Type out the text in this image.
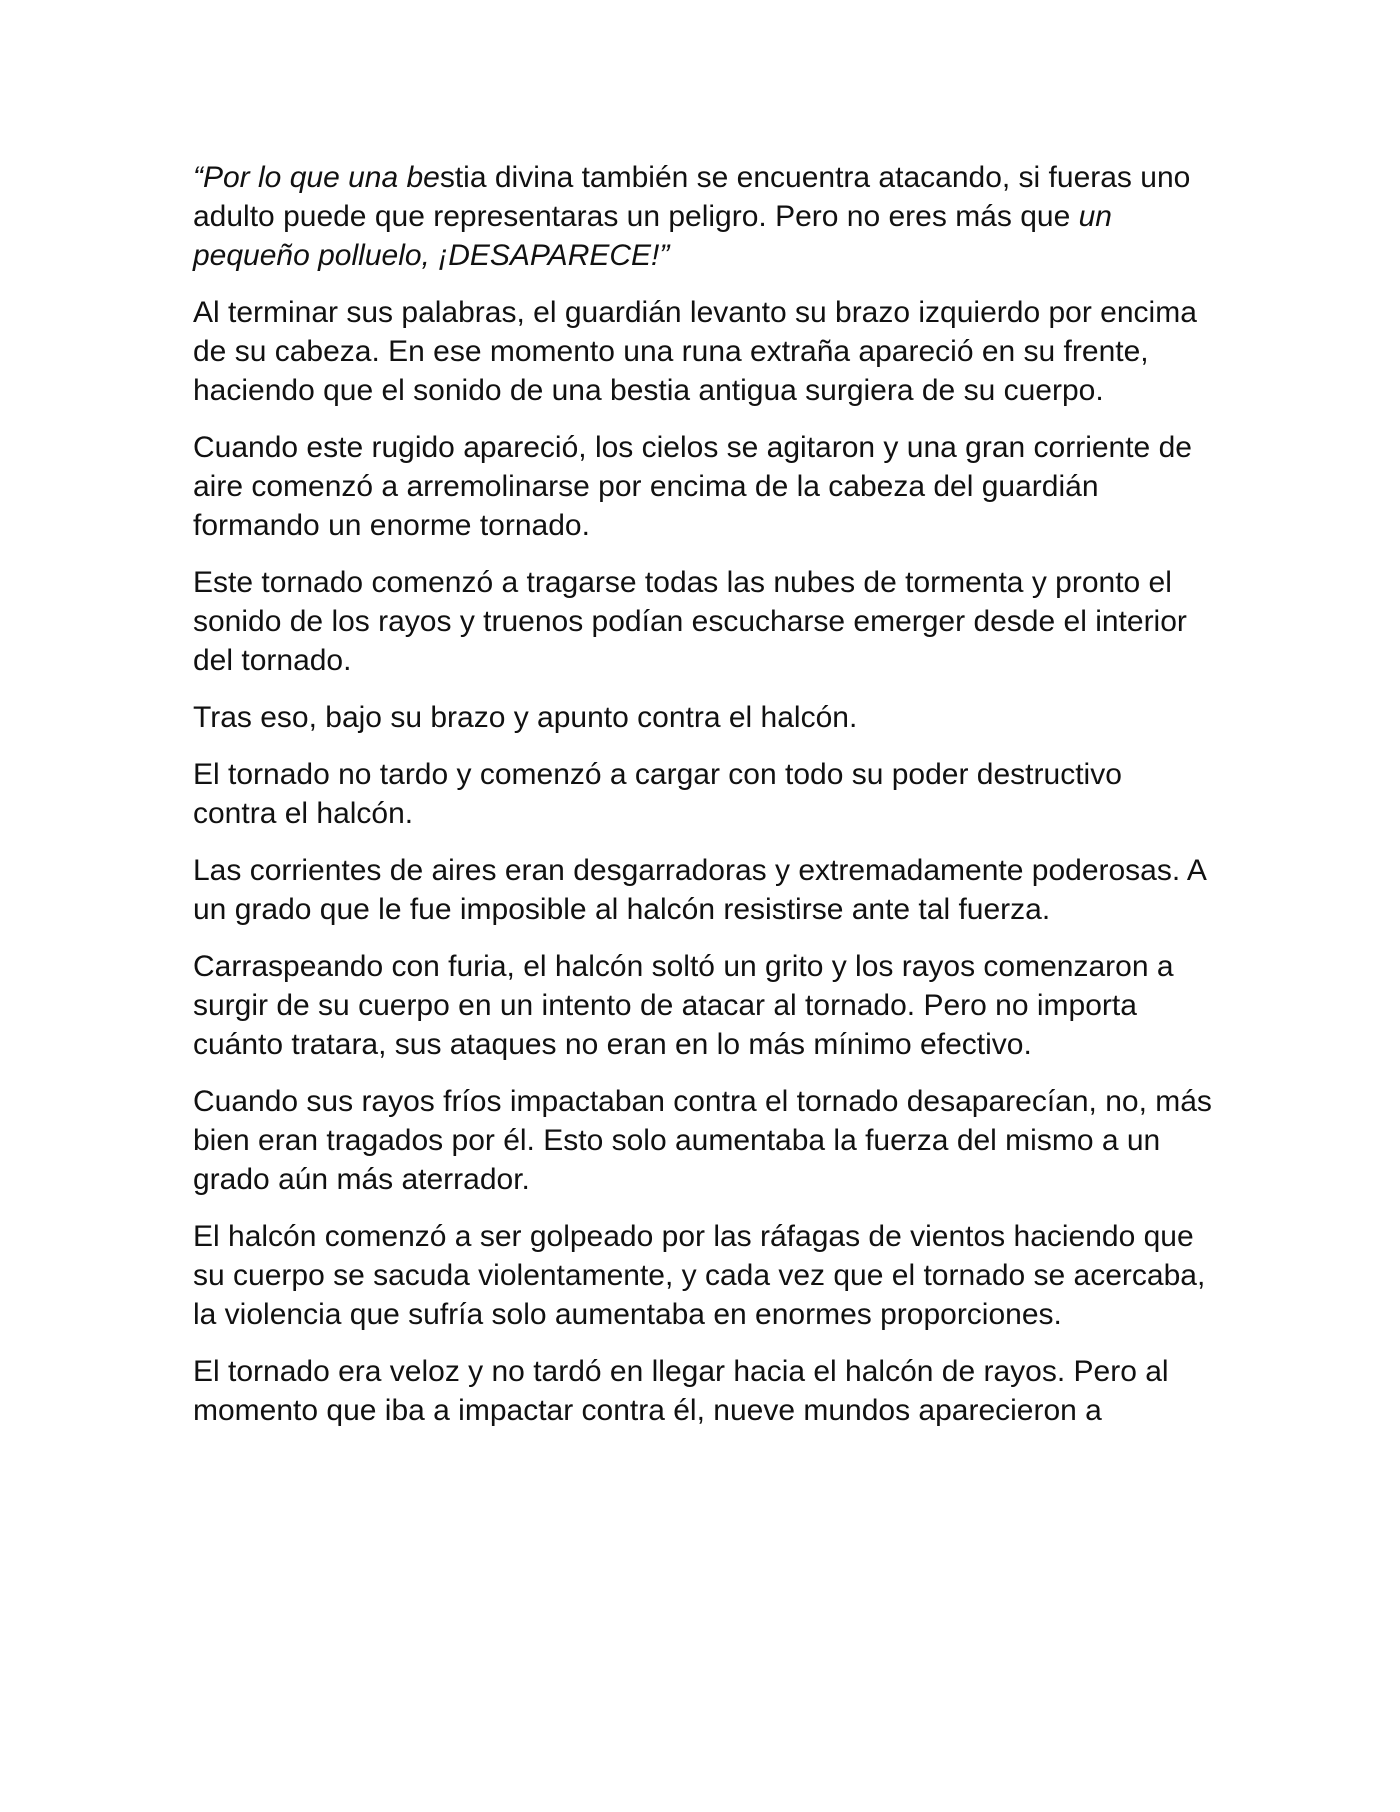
“Por lo que una bestia divina también se encuentra atacando, si fueras uno adulto puede que representaras un peligro. Pero no eres más que un pequeño polluelo, ¡DESAPARECE!”

Al terminar sus palabras, el guardián levanto su brazo izquierdo por encima de su cabeza. En ese momento una runa extraña apareció en su frente, haciendo que el sonido de una bestia antigua surgiera de su cuerpo.

Cuando este rugido apareció, los cielos se agitaron y una gran corriente de aire comenzó a arremolinarse por encima de la cabeza del guardián formando un enorme tornado.

Este tornado comenzó a tragarse todas las nubes de tormenta y pronto el sonido de los rayos y truenos podían escucharse emerger desde el interior del tornado.

Tras eso, bajo su brazo y apunto contra el halcón.

El tornado no tardo y comenzó a cargar con todo su poder destructivo contra el halcón.

Las corrientes de aires eran desgarradoras y extremadamente poderosas. A un grado que le fue imposible al halcón resistirse ante tal fuerza.

Carraspeando con furia, el halcón soltó un grito y los rayos comenzaron a surgir de su cuerpo en un intento de atacar al tornado. Pero no importa cuánto tratara, sus ataques no eran en lo más mínimo efectivo.

Cuando sus rayos fríos impactaban contra el tornado desaparecían, no, más bien eran tragados por él. Esto solo aumentaba la fuerza del mismo a un grado aún más aterrador.

El halcón comenzó a ser golpeado por las ráfagas de vientos haciendo que su cuerpo se sacuda violentamente, y cada vez que el tornado se acercaba, la violencia que sufría solo aumentaba en enormes proporciones.

El tornado era veloz y no tardó en llegar hacia el halcón de rayos. Pero al momento que iba a impactar contra él, nueve mundos aparecieron a
